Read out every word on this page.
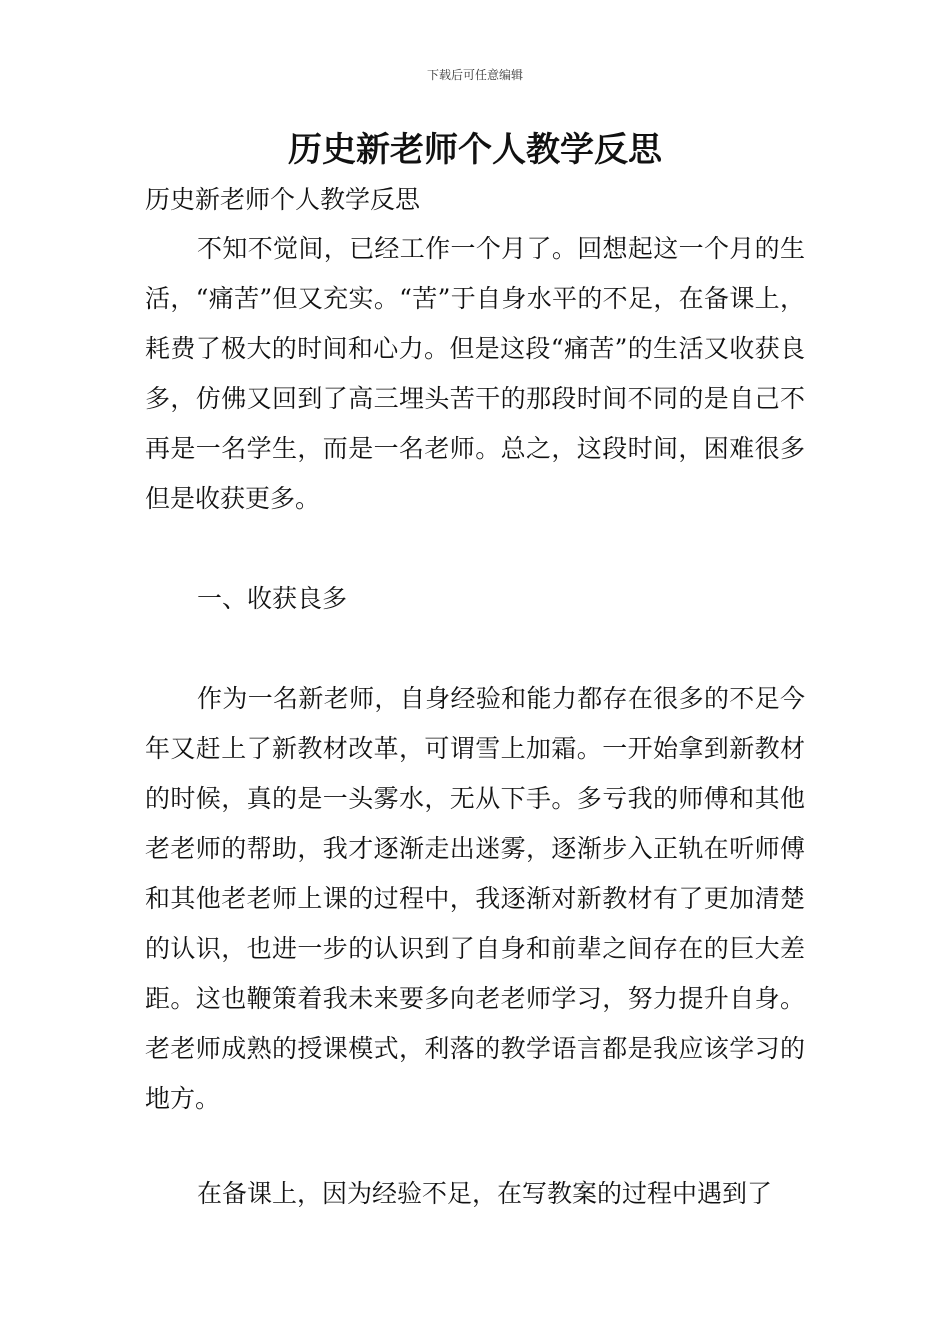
下载后可任意编辑
历史新老师个人教学反思
历史新老师个人教学反思

不知不觉间，已经工作一个月了。回想起这一个月的生活，“痛苦”但又充实。“苦”于自身水平的不足，在备课上，耗费了极大的时间和心力。但是这段“痛苦”的生活又收获良多，仿佛又回到了高三埋头苦干的那段时间不同的是自己不再是一名学生，而是一名老师。总之，这段时间，困难很多但是收获更多。

一、收获良多

作为一名新老师，自身经验和能力都存在很多的不足今年又赶上了新教材改革，可谓雪上加霜。一开始拿到新教材的时候，真的是一头雾水，无从下手。多亏我的师傅和其他老老师的帮助，我才逐渐走出迷雾，逐渐步入正轨在听师傅和其他老老师上课的过程中，我逐渐对新教材有了更加清楚的认识，也进一步的认识到了自身和前辈之间存在的巨大差距。这也鞭策着我未来要多向老老师学习，努力提升自身。老老师成熟的授课模式，利落的教学语言都是我应该学习的地方。

在备课上，因为经验不足，在写教案的过程中遇到了
